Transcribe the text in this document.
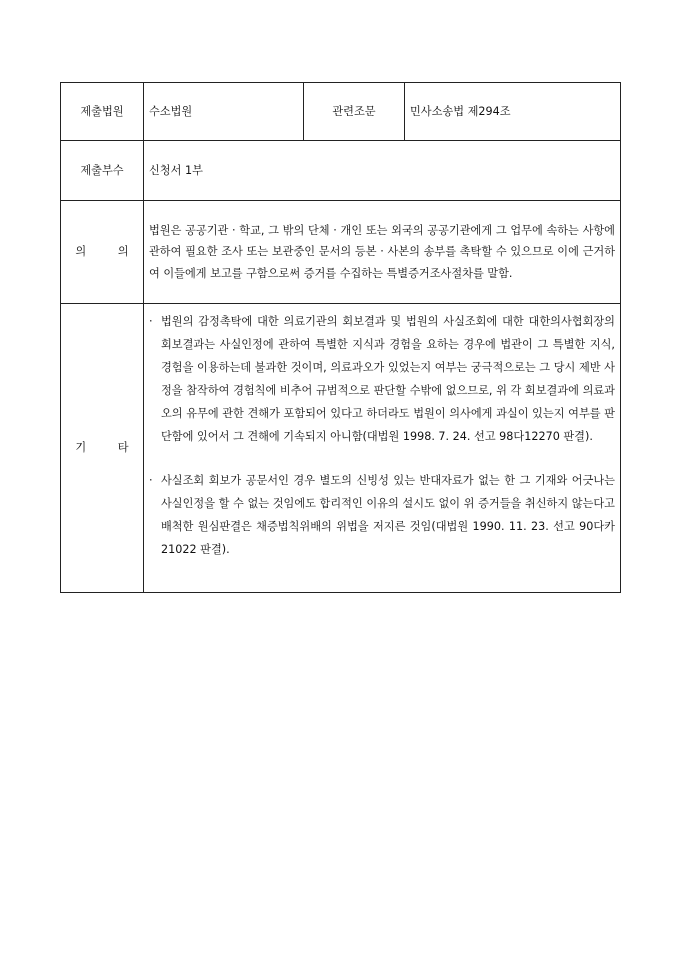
제출법원	수소법원	관련조문	민사소송법 제294조
제출부수	신청서 1부		
의 의	법원은 공공기관 · 학교, 그 밖의 단체 · 개인 또는 외국의 공공기관에게 그 업무에 속하는 사항에 관하여 필요한 조사 또는 보관중인 문서의 등본 · 사본의 송부를 촉탁할 수 있으므로 이에 근거하여 이들에게 보고를 구함으로써 증거를 수집하는 특별증거조사절차를 말함.		
기 타	· 법원의 감정촉탁에 대한 의료기관의 회보결과 및 법원의 사실조회에 대한 대한의사협회장의 회보결과는 사실인정에 관하여 특별한 지식과 경험을 요하는 경우에 법관이 그 특별한 지식, 경험을 이용하는데 불과한 것이며, 의료과오가 있었는지 여부는 궁극적으로는 그 당시 제반 사정을 참작하여 경험칙에 비추어 규범적으로 판단할 수밖에 없으므로, 위 각 회보결과에 의료과오의 유무에 관한 견해가 포함되어 있다고 하더라도 법원이 의사에게 과실이 있는지 여부를 판단함에 있어서 그 견해에 기속되지 아니함(대법원 1998. 7. 24. 선고 98다12270 판결).
· 사실조회 회보가 공문서인 경우 별도의 신빙성 있는 반대자료가 없는 한 그 기재와 어긋나는 사실인정을 할 수 없는 것임에도 합리적인 이유의 설시도 없이 위 증거들을 취신하지 않는다고 배척한 원심판결은 채증법칙위배의 위법을 저지른 것임(대법원 1990. 11. 23. 선고 90다카21022 판결).		
